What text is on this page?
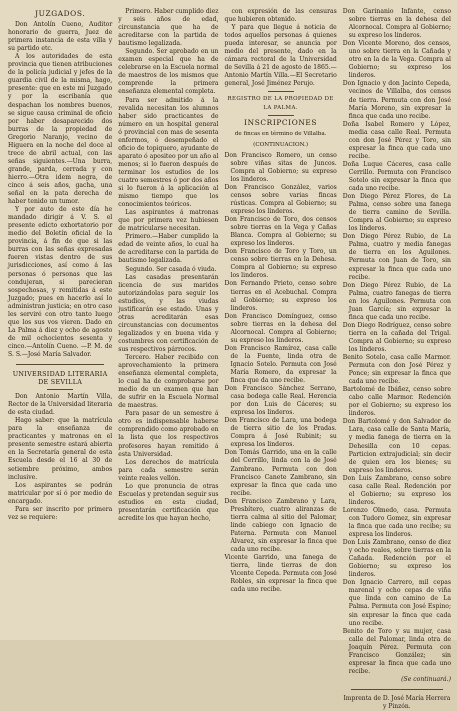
JUZGADOS.

Don Antolín Cueno, Auditor honorario de guerra, Juez de primera instancia de esta villa y su partido etc.

A los autoridades de esta provincia que tienen atribuciones de la policía judicial y jefes de la guardia civil de la misma, hago, presente: que en este mi Juzgado y por la escribanía que despachan los nombres buenos, se sigue causa criminal de oficio por haber desaparecido dos burras de la propiedad de Gregorio Naranjo, vecino de Higuera en la noche del doce al trece de abril actual, con las señas siguientes.—Una burra, grande, parda, cerrada y con hierro.—Otra idem negra, de cinco á seis años, gacha, una señal en la pata derecha de haber tenido un tumor.

Y por auto de este día he mandado dirigir á V. S. el presente edicto exhortatorio por medio del Boletín oficial de la provincia, á fin de que si las burras con las señas expresadas fueren vistas dentro de sus jurisdicciones, así como á las personas ó personas que las condujeran, si parecieran sospechosas, y remitidas á este Juzgado; pues en hacerlo así lo administran justicia; en otro caso les serviré con otro tanto luego que los sus vos vieren. Dado en La Palma á diez y ocho de agosto de mil ochocientos sesenta y cinco.—Antolín Cueno. —P. M. de S. S.—José María Salvador.

UNIVERSIDAD LITERARIA DE SEVILLA

Don Antonio Martín Villa, Rector de la Universidad literaria de esta ciudad.

Hago saber: que la matrícula para la enseñanza de practicantes y matronas en el presente semestre estará abierta en la Secretaría general de esta Escuela desde el 16 al 30 de setiembre próximo, ambos inclusive.

Los aspirantes se podrán matricular por sí ó por medio de encargado.

Para ser inscrito por primera vez se requiere:

Primero. Haber cumplido diez y seis años de edad, circunstancia que ha de acreditarse con la partida de bautismo legalizada.

Segundo. Ser aprobado en un examen especial que ha de celebrarse en la Escuela normal de maestros de los mismos que comprende la primera enseñanza elemental completa.

Para ser admitido á la revalida necesitan los alumnos haber sido practicantes de número en un hospital general ó provincial con mas de sesenta enfermos, ó desempeñado el oficio de topiquero, ayudante de aparato ó apositeo por un año al menos; si lo fueron después de terminar los estudios de los cuatro semestres ó por dos años si lo fueron á la aplicación al mismo tiempo que los conocimientos teóricos.

Las aspirantes á matronas que por primera vez hubiesen de matricularse necesitan.

Primero.—Haber cumplido la edad de veinte años, lo cual ha de acreditarse con la partida de bautismo legalizada.

Segundo. Ser casada ó viuda.

Las casadas presentarán licencia de sus maridos autorizándolas para seguir los estudios, y las viudas justificarán ese estado. Unas y otras acreditarán esas circunstancias con documentos legalizados y en buena vida y costumbres con certificación de sus respectivos párrocos.

Tercero. Haber recibido con aprovechamiento la primera enseñanza elemental completa, lo cual ha de comprobarse por medio de un examen que han de sufrir en la Escuela Normal de maestras.

Para pasar de un semestre á otro es indispensable haberse comprendido como aprobado en la lista que los respectivos profesores hayan remitido á esta Universidad.

Los derechos de matrícula para cada semestre serán veinte reales vellón.

Lo que pronuncia de otras Escuelas y pretendan seguir sus estudios en esta ciudad, presentarán certificación que acredite los que hayan hecho,

con expresión de las censuras que hubieren obtenido.

Y para que llegue á noticia de todos aquellos personas á quienes pueda interesar, se anuncia por medio del presente, dado en la cámara rectoral de la Universidad de Sevilla á 21 de agosto de 1865.—Antonio Martín Villa.—El Secretario general, José Jiménez Perujo.

REGISTRO DE LA PROPIEDAD DE LA PALMA.
INSCRIPCIONES

de fincas en término de Villalba.

(CONTINUACION.)

Don Francisco Romero, un censo sobre viñas sitas de Juncos. Compra al Gobierno; su expreso los linderos.

Don Francisco González, varios censos sobre varias fincas rústicas. Compra al Gobierno; su expreso los linderos.

Don Francisco de Toro, dos censos sobre tierras en la Vega y Cañas Blanca. Compra al Gobierno; su expreso los linderos.

Don Francisco de Toro y Toro, un censo sobre tierras en la Dehesa. Compra al Gobierno; su expreso los linderos.

Don Fernando Prieto, censo sobre tierras en el Acebuchal. Compra al Gobierno; su expreso los linderos.

Don Francisco Domínguez, censo sobre tierras en la dehesa del Alcornocal. Compra al Gobierno; su expreso los linderos.

Don Francisco Ramírez, casa calle de la Fuente, linda otra de Ignacio Sotelo. Permuta con José María Romero, da expresar la finca que da uno recibe.

Don Francisco Sánchez Serrano, casa bodega calle Real. Herencia por don Luis de Cáceres; su expresa los linderos.

Don Francisco de Lara, una bodega de tierra sitio de los Pradas. Compra á José Rubinit; su expresa los linderos.

Don Tomás Garrido, una en la calle del Cerrillo, linda con la de José Zambrano. Permuta con don Francisco Canete Zambrano, sin expresar la finca que cada uno recibe.

Don Francisco Zambrano y Lara, Presbítero, cuatro aliranzas de tierra calma al sitio del Palomar, linde cabiego con Ignacio de Paterna. Permuta con Manuel Álvarez, sin expresar la finca que cada uno recibe.

Vicente Garrido, una fanega de tierra, linde tierras de don Vicente Cepeda. Permuta con José Robles, sin expresar la finca que cada uno recibe.

Don Garinanio Infante, censo sobre tierras en la dehesa del Alcornocal. Compra al Gobierno; su expreso los linderos.

Don Vicente Moreno, dos censos, uno sobre tierra en la Cañada y otro en la de la Vega. Compra al Gobierno; su expreso los linderos.

Don Ignacio y don Jacinto Cepeda, vecinos de Villalba, dos censos de tierra. Permuta con don José María Moreno, sin expresar la finca que cada uno recibe.

Doña Isabel Romero y López, media casa calle Real. Permuta con don José Pérez y Toro, sin expresar la finca que cada uno recibe.

Doña Luque Cáceres, casa calle Cerrillo. Permuta con Francisco Sotelo sin expresar la finca que cada uno recibe.

Don Diego Pérez Flores, de La Palma, censo sobre una fanega de tierra camino de Sevilla. Compra al Gobierno; su expreso los linderos.

Don Diego Pérez Rubio, de La Palma, cuatro y media fanegas de tierra en los Aguilones. Permuta con Juan de Toro, sin expresar la finca que cada uno recibe.

Don Diego Pérez Rubio, de La Palma, cuatro fanegas de tierra en los Aguilones. Permuta con Juan García; sin expresar la finca que cada uno recibe.

Don Diego Rodríguez, censo sobre tierra en la cañada del Trigal. Compra al Gobierno; su expreso los linderos.

Benito Sotelo, casa calle Marmor. Permuta con don José Pérez y Ponce; sin expresar la finca que cada uno recibe.

Bartolomé de Ibáñez, censo sobre cabo calle Marmor. Redención por el Gobierno; su expreso los linderos.

Don Bartolomé y don Salvador de Lara, casa calle de Santa María, y media fanega de tierra en la Dehesilla con 10 cepas. Particion extrajudicial; sin decir de quien era los bienes; su expreso los linderos.

Don Luis Zambrano, censo sobre casa calle Real. Redención por el Gobierno; su expreso los linderos.

Lorenzo Olmedo, casa. Permuta con Tudoro Gomez, sin expresar la finca que cada uno recibe; su expresa los linderos.

Don Luis Zambrano, censo de diez y ocho reales, sobre tierras en la Cañada. Redención por el Gobierno; su expreso los linderos.

Don Ignacio Carrero, mil cepas marenal y ocho cepas de viña que linda con camino de La Palma. Permuta con José Espino; sin expresar la finca que cada uno recibe.

Benito de Toro y su mujer, casa calle del Palomar, linda otra de Joaquín Pérez. Permuta con Francisco González; sin expresar la finca que cada uno recibe.

(Se continuará.)

Imprenta de D. José María Herrera y Pinzón.
